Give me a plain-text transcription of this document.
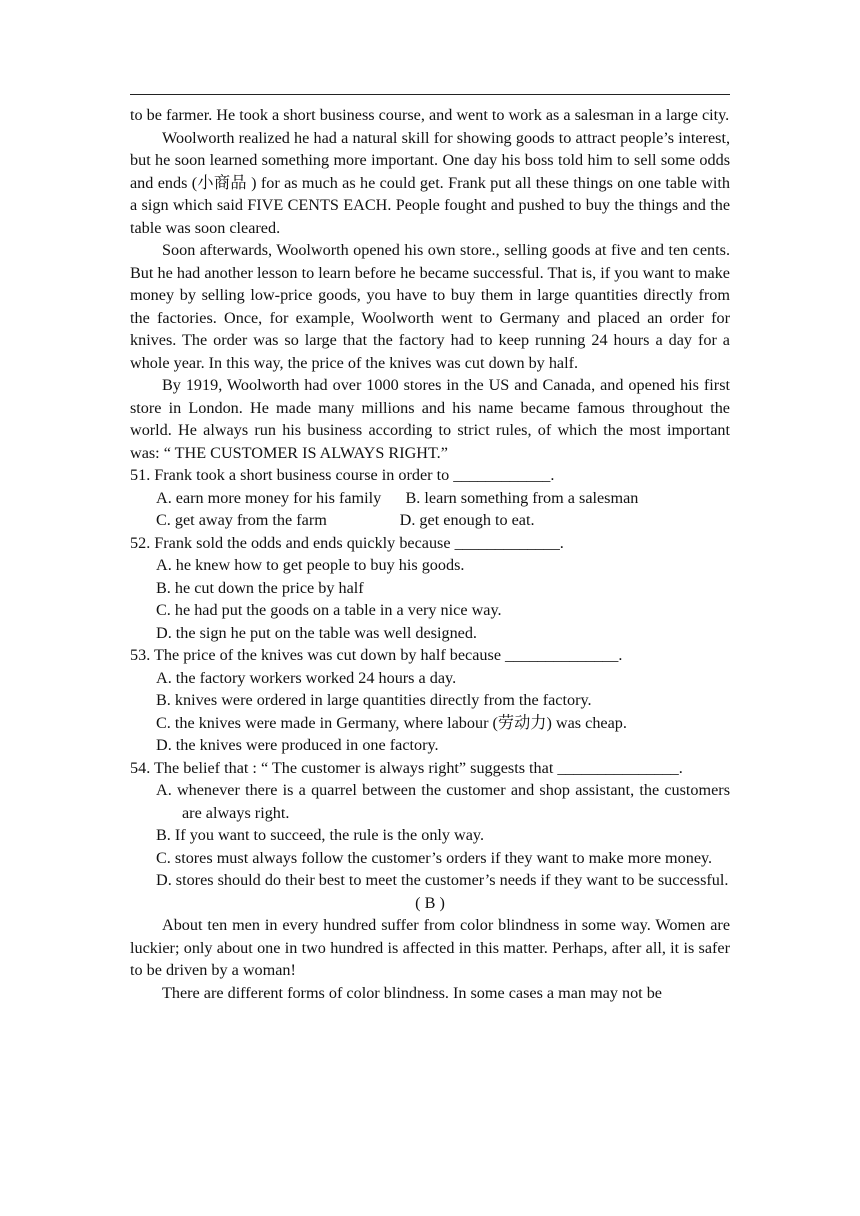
to be farmer. He took a short business course, and went to work as a salesman in a large city.

Woolworth realized he had a natural skill for showing goods to attract people’s interest, but he soon learned something more important. One day his boss told him to sell some odds and ends (小商品 ) for as much as he could get. Frank put all these things on one table with a sign which said FIVE CENTS EACH. People fought and pushed to buy the things and the table was soon cleared.

Soon afterwards, Woolworth opened his own store., selling goods at five and ten cents. But he had another lesson to learn before he became successful. That is, if you want to make money by selling low-price goods, you have to buy them in large quantities directly from the factories. Once, for example, Woolworth went to Germany and placed an order for knives. The order was so large that the factory had to keep running 24 hours a day for a whole year. In this way, the price of the knives was cut down by half.

By 1919, Woolworth had over 1000 stores in the US and Canada, and opened his first store in London. He made many millions and his name became famous throughout the world. He always run his business according to strict rules, of which the most important was: “ THE CUSTOMER IS ALWAYS RIGHT.”

51. Frank took a short business course in order to ____________.

A. earn more money for his family      B. learn something from a salesman

C. get away from the farm                  D. get enough to eat.

52. Frank sold the odds and ends quickly because _____________.

A. he knew how to get people to buy his goods.

B. he cut down the price by half

C. he had put the goods on a table in a very nice way.

D. the sign he put on the table was well designed.

53. The price of the knives was cut down by half because ______________.

A. the factory workers worked 24 hours a day.

B. knives were ordered in large quantities directly from the factory.

C. the knives were made in Germany, where labour (劳动力) was cheap.

D. the knives were produced in one factory.

54. The belief that : “ The customer is always right” suggests that _______________.

A. whenever there is a quarrel between the customer and shop assistant, the customers are always right.

B. If you want to succeed, the rule is the only way.

C. stores must always follow the customer’s orders if they want to make more money.

D. stores should do their best to meet the customer’s needs if they want to be successful.

( B )

About ten men in every hundred suffer from color blindness in some way. Women are luckier; only about one in two hundred is affected in this matter. Perhaps, after all, it is safer to be driven by a woman!

There are different forms of color blindness. In some cases a man may not be
